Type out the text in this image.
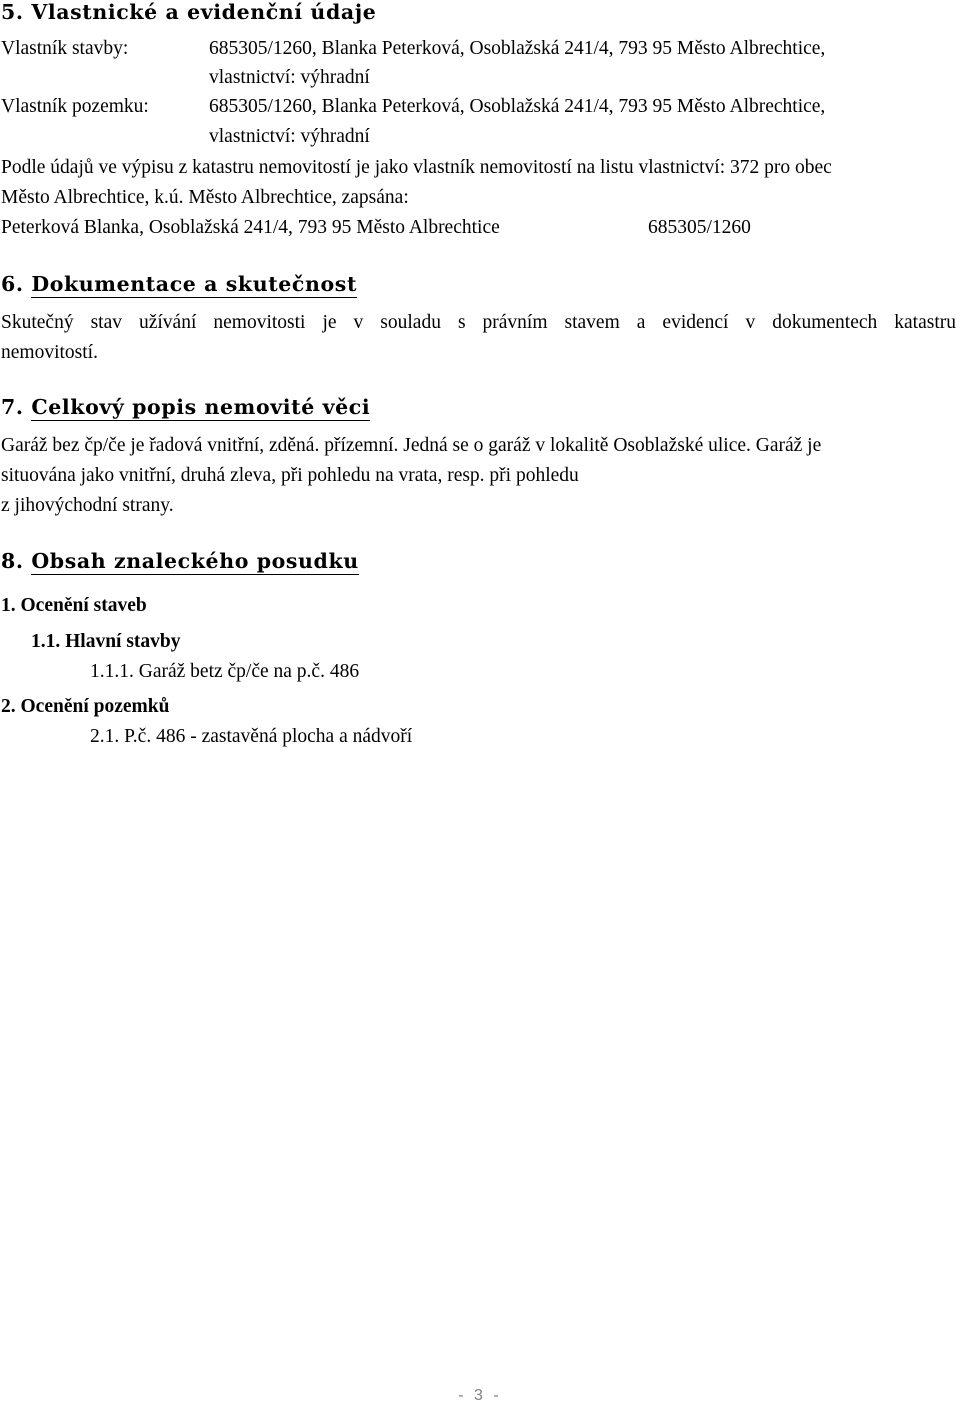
5. Vlastnické a evidenční údaje
Vlastník stavby:	685305/1260, Blanka Peterková, Osoblažská 241/4, 793 95 Město Albrechtice,
vlastnictví: výhradní
Vlastník pozemku:	685305/1260, Blanka Peterková, Osoblažská 241/4, 793 95 Město Albrechtice,
vlastnictví: výhradní
Podle údajů ve výpisu z katastru nemovitostí je jako vlastník nemovitostí na listu vlastnictví: 372 pro obec
Město Albrechtice, k.ú. Město Albrechtice, zapsána:
Peterková Blanka, Osoblažská 241/4, 793 95 Město Albrechtice	685305/1260
6. Dokumentace a skutečnost
Skutečný stav užívání nemovitosti je v souladu s právním stavem a evidencí v dokumentech katastru
nemovitostí.
7. Celkový popis nemovité věci
Garáž bez čp/če je řadová vnitřní, zděná. přízemní. Jedná se o garáž v lokalitě Osoblažské ulice. Garáž je
situována jako vnitřní, druhá zleva, při pohledu na vrata, resp. při pohledu
z jihovýchodní strany.
8. Obsah znaleckého posudku
1. Ocenění staveb
1.1. Hlavní stavby
1.1.1. Garáž betz čp/če na p.č. 486
2. Ocenění pozemků
2.1. P.č. 486 - zastavěná plocha a nádvoří
- 3 -
